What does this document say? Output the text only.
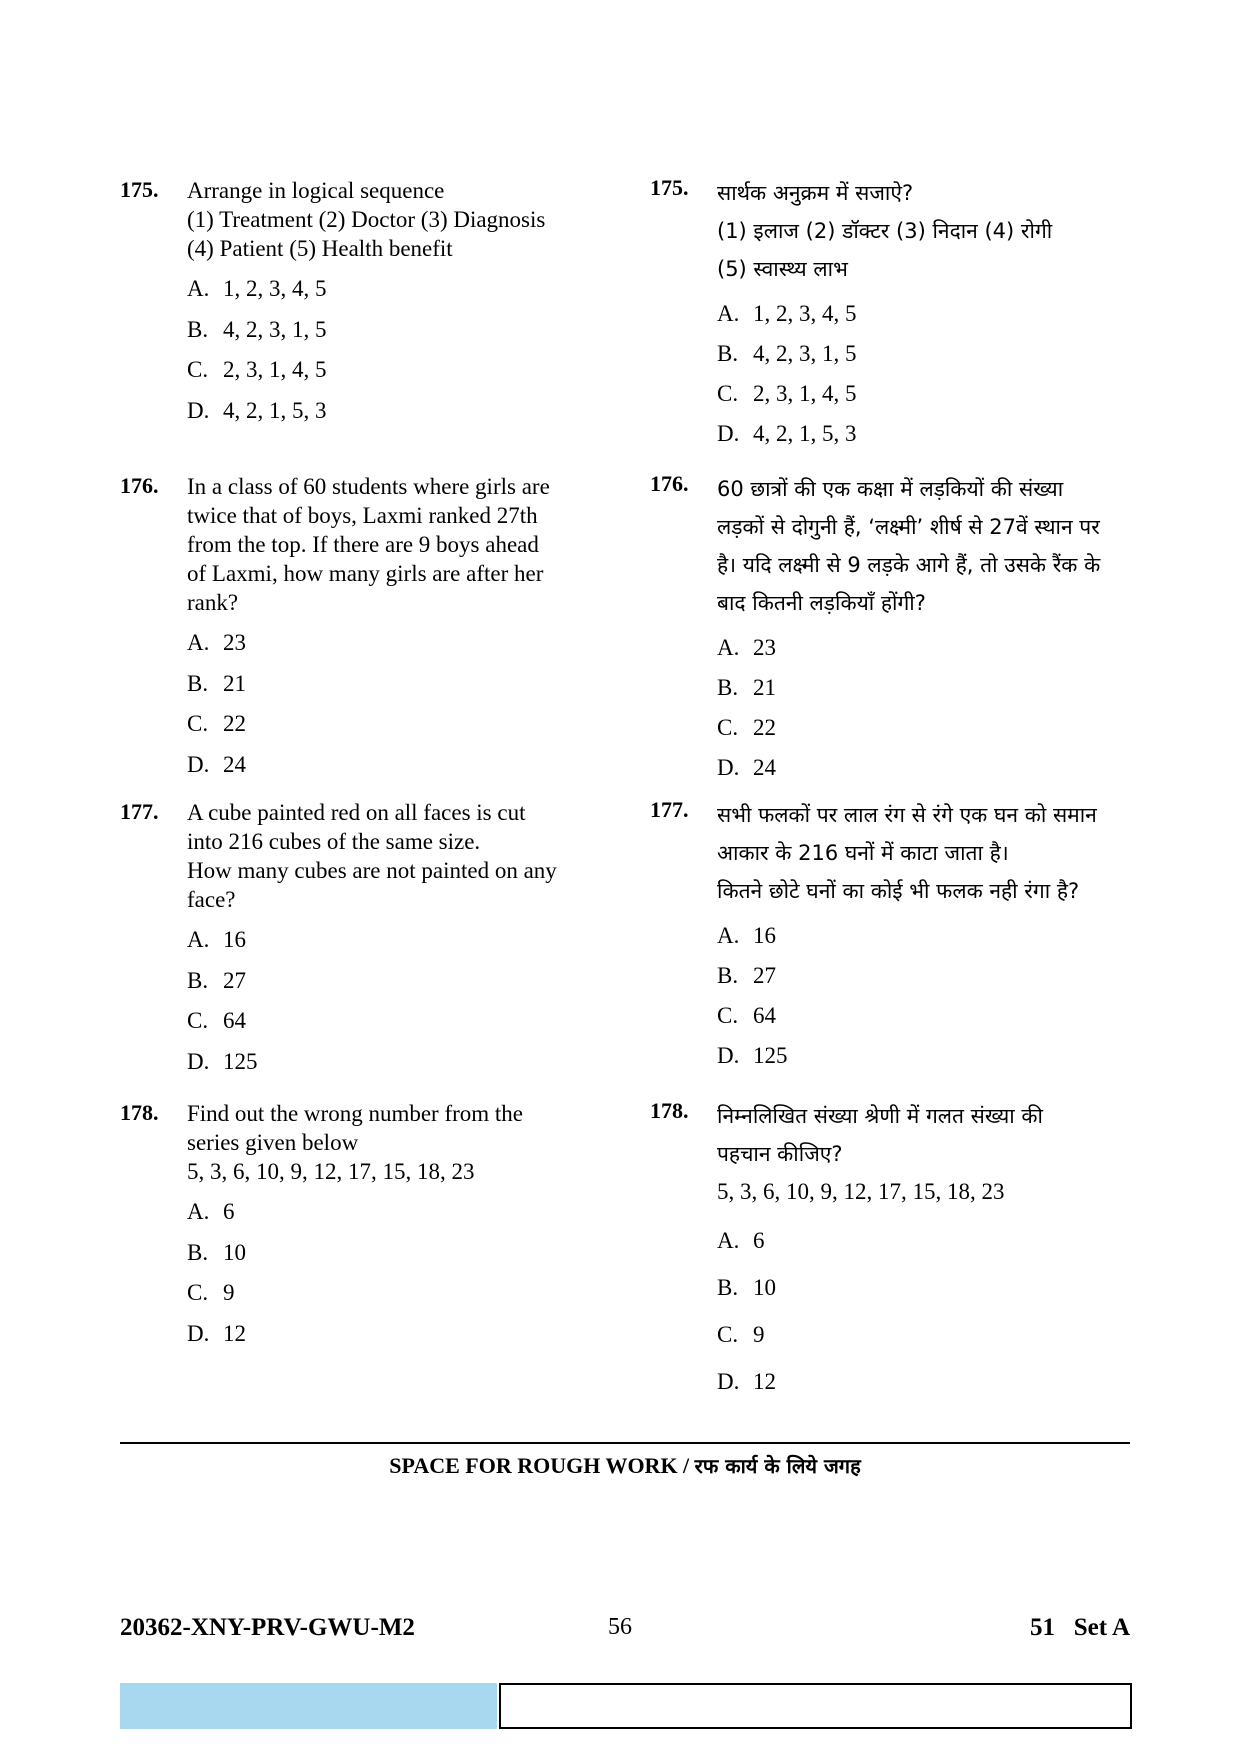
175. Arrange in logical sequence
(1) Treatment (2) Doctor (3) Diagnosis
(4) Patient (5) Health benefit
A. 1, 2, 3, 4, 5
B. 4, 2, 3, 1, 5
C. 2, 3, 1, 4, 5
D. 4, 2, 1, 5, 3
176. In a class of 60 students where girls are
twice that of boys, Laxmi ranked 27th
from the top. If there are 9 boys ahead
of Laxmi, how many girls are after her
rank?
A. 23
B. 21
C. 22
D. 24
177. A cube painted red on all faces is cut
into 216 cubes of the same size.
How many cubes are not painted on any
face?
A. 16
B. 27
C. 64
D. 125
178. Find out the wrong number from the
series given below
5, 3, 6, 10, 9, 12, 17, 15, 18, 23
A. 6
B. 10
C. 9
D. 12
175. सार्थक अनुक्रम में सजाऐ?
(1) इलाज (2) डॉक्टर (3) निदान (4) रोगी
(5) स्वास्थ्य लाभ
A. 1, 2, 3, 4, 5
B. 4, 2, 3, 1, 5
C. 2, 3, 1, 4, 5
D. 4, 2, 1, 5, 3
176. 60 छात्रों की एक कक्षा में लड़कियों की संख्या
लड़कों से दोगुनी हैं, ‘लक्ष्मी’ शीर्ष से 27वें स्थान पर
है। यदि लक्ष्मी से 9 लड़के आगे हैं, तो उसके रैंक के
बाद कितनी लड़कियाँ होंगी?
A. 23
B. 21
C. 22
D. 24
177. सभी फलकों पर लाल रंग से रंगे एक घन को समान
आकार के 216 घनों में काटा जाता है।
कितने छोटे घनों का कोई भी फलक नही रंगा है?
A. 16
B. 27
C. 64
D. 125
178. निम्नलिखित संख्या श्रेणी में गलत संख्या की
पहचान कीजिए?
5, 3, 6, 10, 9, 12, 17, 15, 18, 23
A. 6
B. 10
C. 9
D. 12
SPACE FOR ROUGH WORK / रफ कार्य के लिये जगह
20362-XNY-PRV-GWU-M2	56	51   Set A
